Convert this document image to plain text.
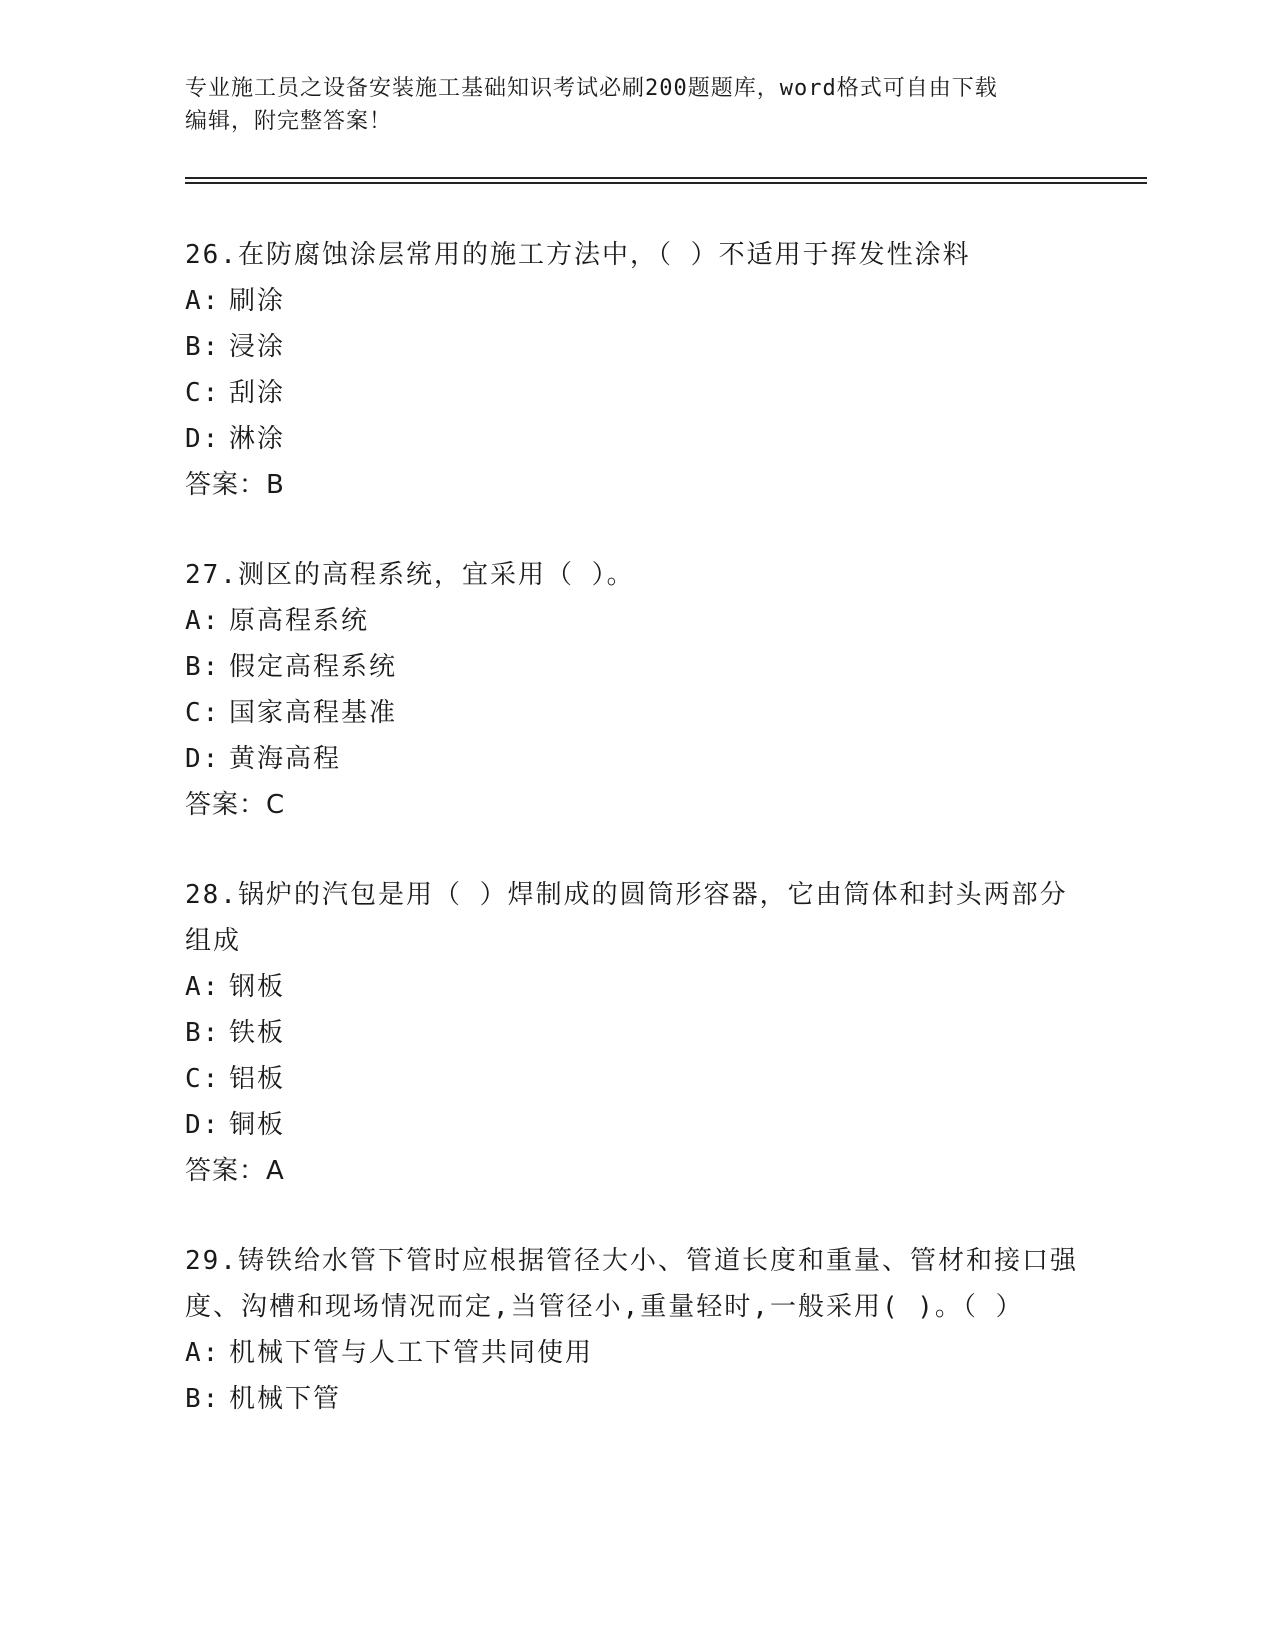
专业施工员之设备安装施工基础知识考试必刷200题题库，word格式可自由下载
编辑，附完整答案！
26.在防腐蚀涂层常用的施工方法中，（ ）不适用于挥发性涂料
A: 刷涂
B: 浸涂
C: 刮涂
D: 淋涂
答案：B
27.测区的高程系统，宜采用（ ）。
A: 原高程系统
B: 假定高程系统
C: 国家高程基准
D: 黄海高程
答案：C
28.锅炉的汽包是用（ ）焊制成的圆筒形容器，它由筒体和封头两部分组成
A: 钢板
B: 铁板
C: 铝板
D: 铜板
答案：A
29.铸铁给水管下管时应根据管径大小、管道长度和重量、管材和接口强度、沟槽和现场情况而定,当管径小,重量轻时,一般采用( )。（ ）
A: 机械下管与人工下管共同使用
B: 机械下管
